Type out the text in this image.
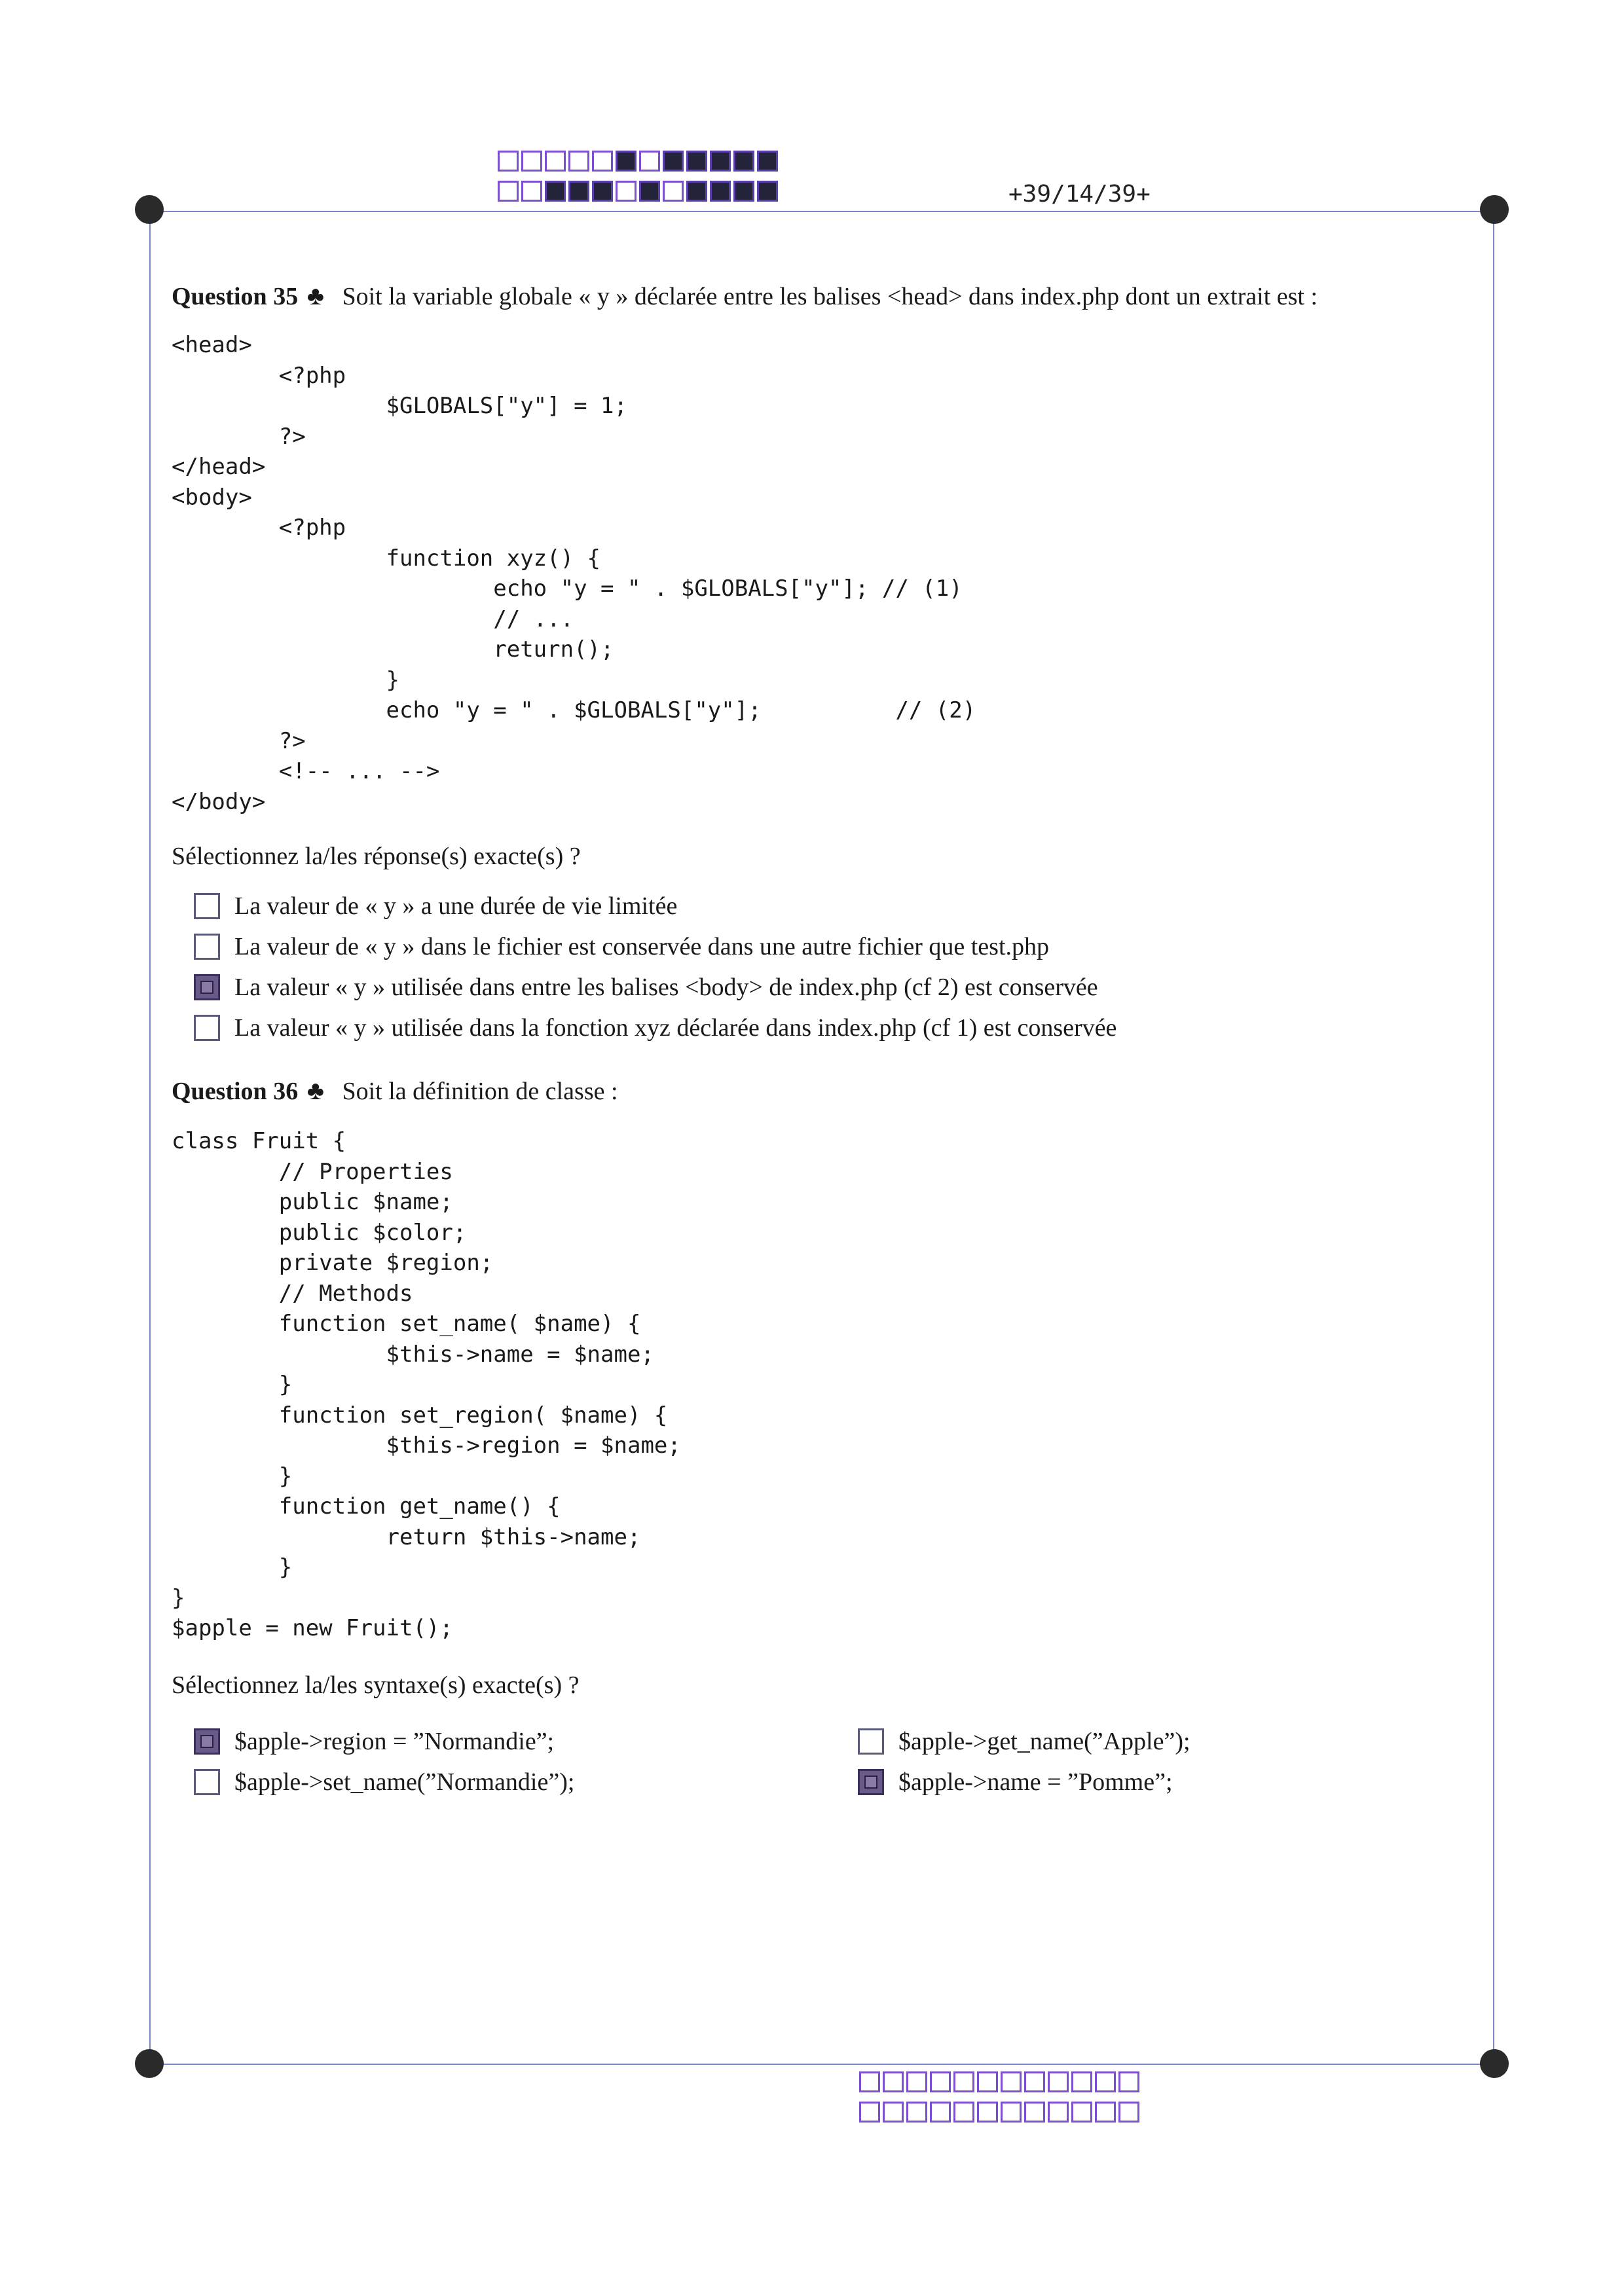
+39/14/39+
Question 35 ♣ Soit la variable globale « y » déclarée entre les balises <head> dans index.php dont un extrait est :
<head>
<?php
$GLOBALS["y"] = 1;
?>
</head>
<body>
<?php
function xyz() {
echo "y = " . $GLOBALS["y"]; // (1)
// ...
return();
}
echo "y = " . $GLOBALS["y"];          // (2)
?>
<!-- ... -->
</body>
Sélectionnez la/les réponse(s) exacte(s) ?
La valeur de « y » a une durée de vie limitée
La valeur de « y » dans le fichier est conservée dans une autre fichier que test.php
La valeur « y » utilisée dans entre les balises <body> de index.php (cf 2) est conservée
La valeur « y » utilisée dans la fonction xyz déclarée dans index.php (cf 1) est conservée
Question 36 ♣ Soit la définition de classe :
class Fruit {
// Properties
public $name;
public $color;
private $region;
// Methods
function set_name( $name) {
$this->name = $name;
}
function set_region( $name) {
$this->region = $name;
}
function get_name() {
return $this->name;
}
}
$apple = new Fruit();
Sélectionnez la/les syntaxe(s) exacte(s) ?
$apple->region = ”Normandie”;
$apple->set_name(”Normandie”);
$apple->get_name(”Apple”);
$apple->name = ”Pomme”;
